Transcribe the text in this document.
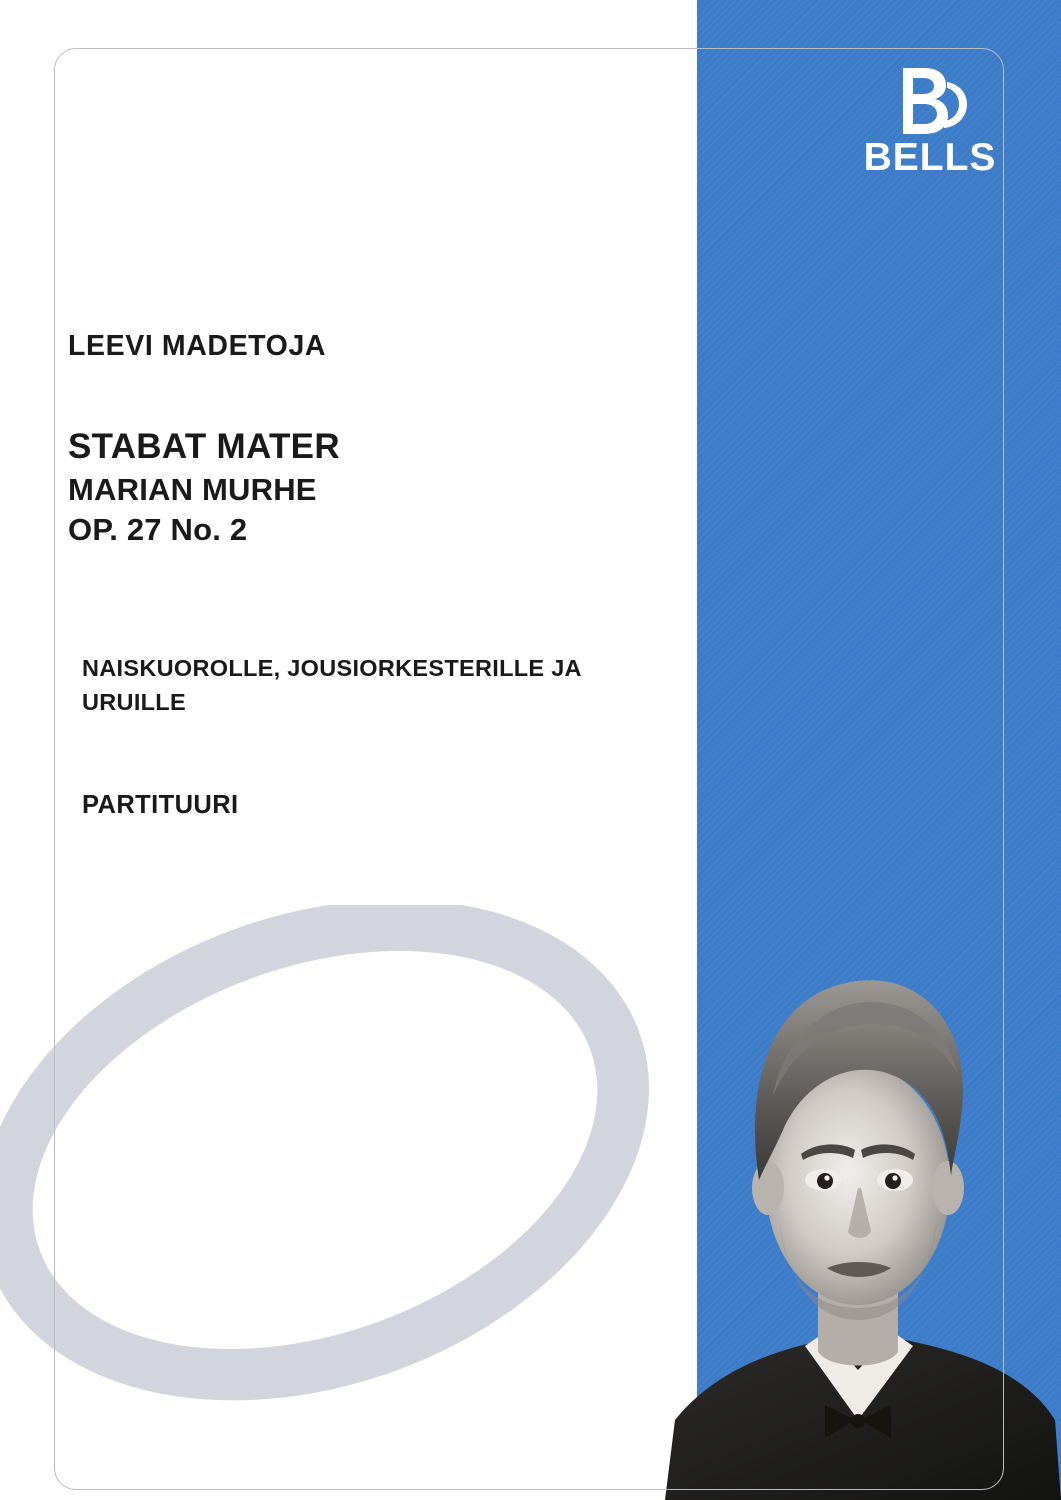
BELLS
LEEVI MADETOJA
STABAT MATER
MARIAN MURHE
OP. 27 No. 2
NAISKUOROLLE, JOUSIORKESTERILLE JA URUILLE
PARTITUURI
